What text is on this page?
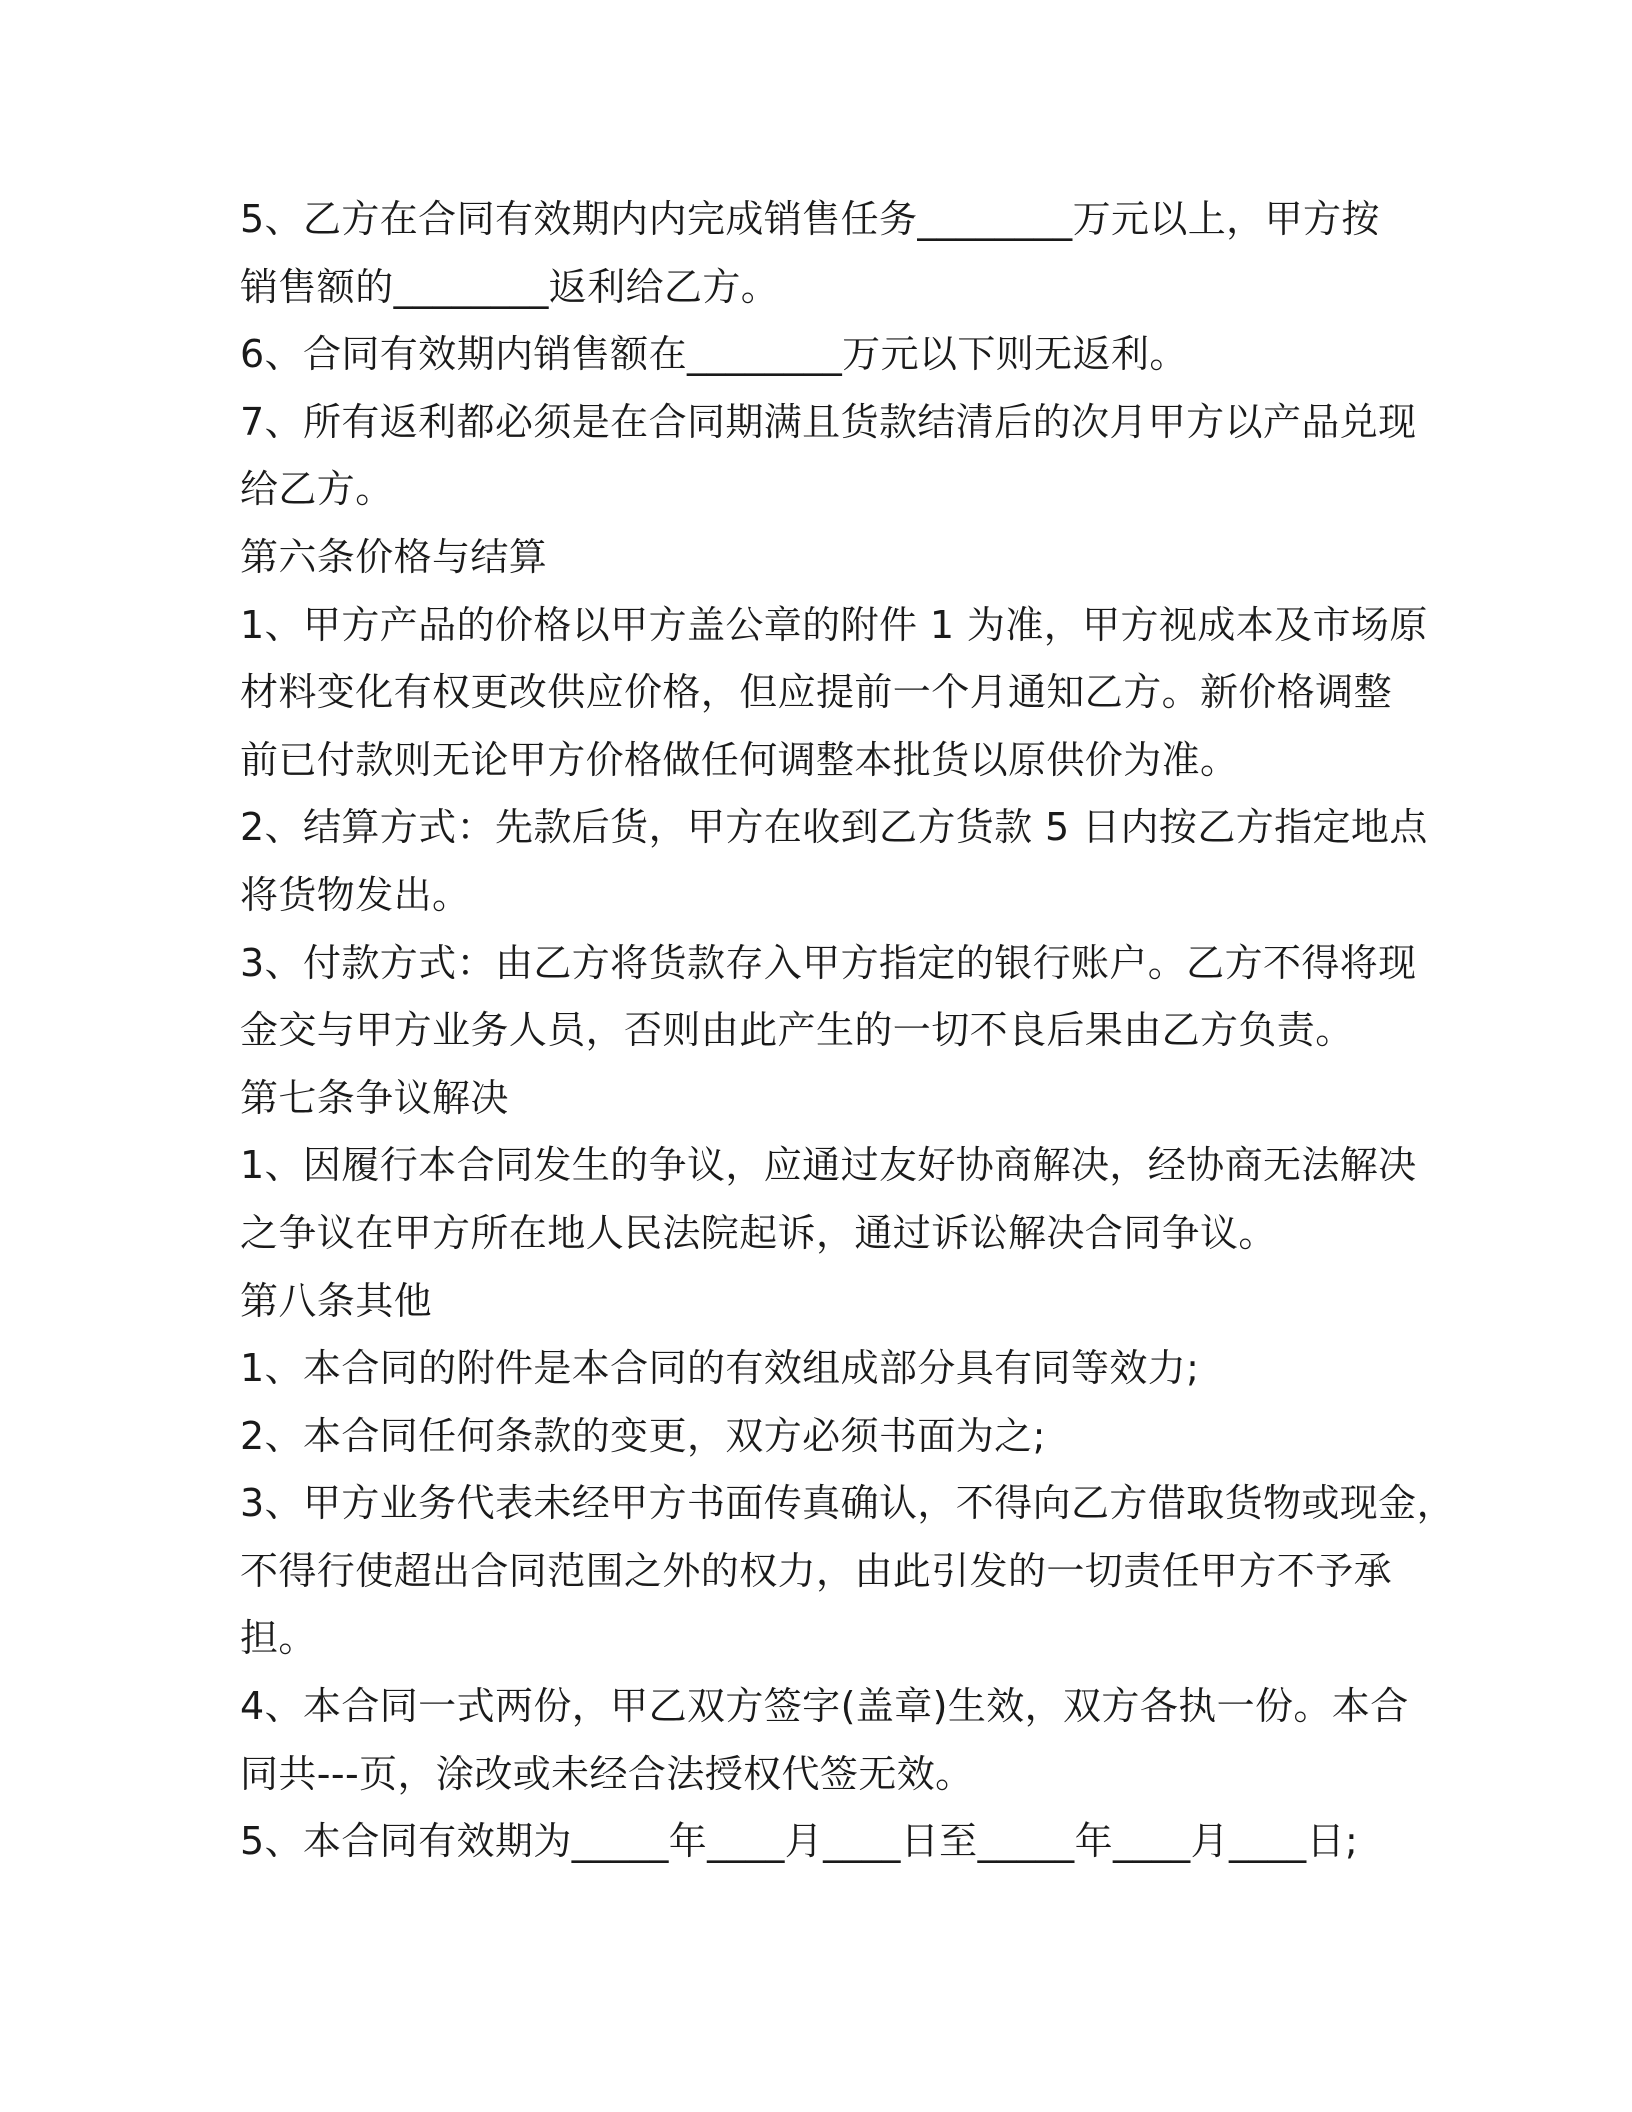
5、乙方在合同有效期内内完成销售任务________万元以上，甲方按
销售额的________返利给乙方。
6、合同有效期内销售额在________万元以下则无返利。
7、所有返利都必须是在合同期满且货款结清后的次月甲方以产品兑现
给乙方。
第六条价格与结算
1、甲方产品的价格以甲方盖公章的附件 1 为准，甲方视成本及市场原
材料变化有权更改供应价格，但应提前一个月通知乙方。新价格调整
前已付款则无论甲方价格做任何调整本批货以原供价为准。
2、结算方式：先款后货，甲方在收到乙方货款 5 日内按乙方指定地点
将货物发出。
3、付款方式：由乙方将货款存入甲方指定的银行账户。乙方不得将现
金交与甲方业务人员，否则由此产生的一切不良后果由乙方负责。
第七条争议解决
1、因履行本合同发生的争议，应通过友好协商解决，经协商无法解决
之争议在甲方所在地人民法院起诉，通过诉讼解决合同争议。
第八条其他
1、本合同的附件是本合同的有效组成部分具有同等效力;
2、本合同任何条款的变更，双方必须书面为之;
3、甲方业务代表未经甲方书面传真确认，不得向乙方借取货物或现金，
不得行使超出合同范围之外的权力，由此引发的一切责任甲方不予承
担。
4、本合同一式两份，甲乙双方签字(盖章)生效，双方各执一份。本合
同共---页，涂改或未经合法授权代签无效。
5、本合同有效期为_____年____月____日至_____年____月____日;
